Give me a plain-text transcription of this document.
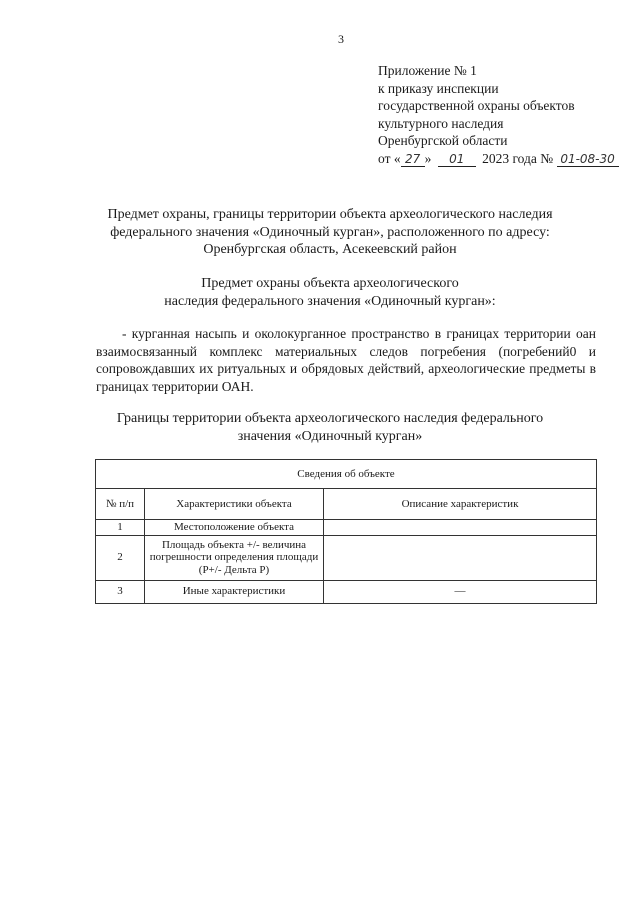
3
Приложение № 1
к приказу инспекции
государственной охраны объектов
культурного наследия
Оренбургской области
от « 27 » 01 2023 года № 01-08-30
Предмет охраны, границы территории объекта археологического наследия
федерального значения «Одиночный курган», расположенного по адресу:
Оренбургская область, Асекеевский район
Предмет охраны объекта археологического
наследия федерального значения «Одиночный курган»:
- курганная насыпь и околокурганное пространство в границах территории оан взаимосвязанный комплекс материальных следов погребения (погребений0 и сопровождавших их ритуальных и обрядовых действий, археологические предметы в границах территории ОАН.
Границы территории объекта археологического наследия федерального
значения «Одиночный курган»
Сведения об объекте		
№ п/п	Характеристики объекта	Описание характеристик
1	Местоположение объекта	
2	Площадь объекта +/- величина погрешности определения площади (Р+/- Дельта Р)	
3	Иные характеристики	—
